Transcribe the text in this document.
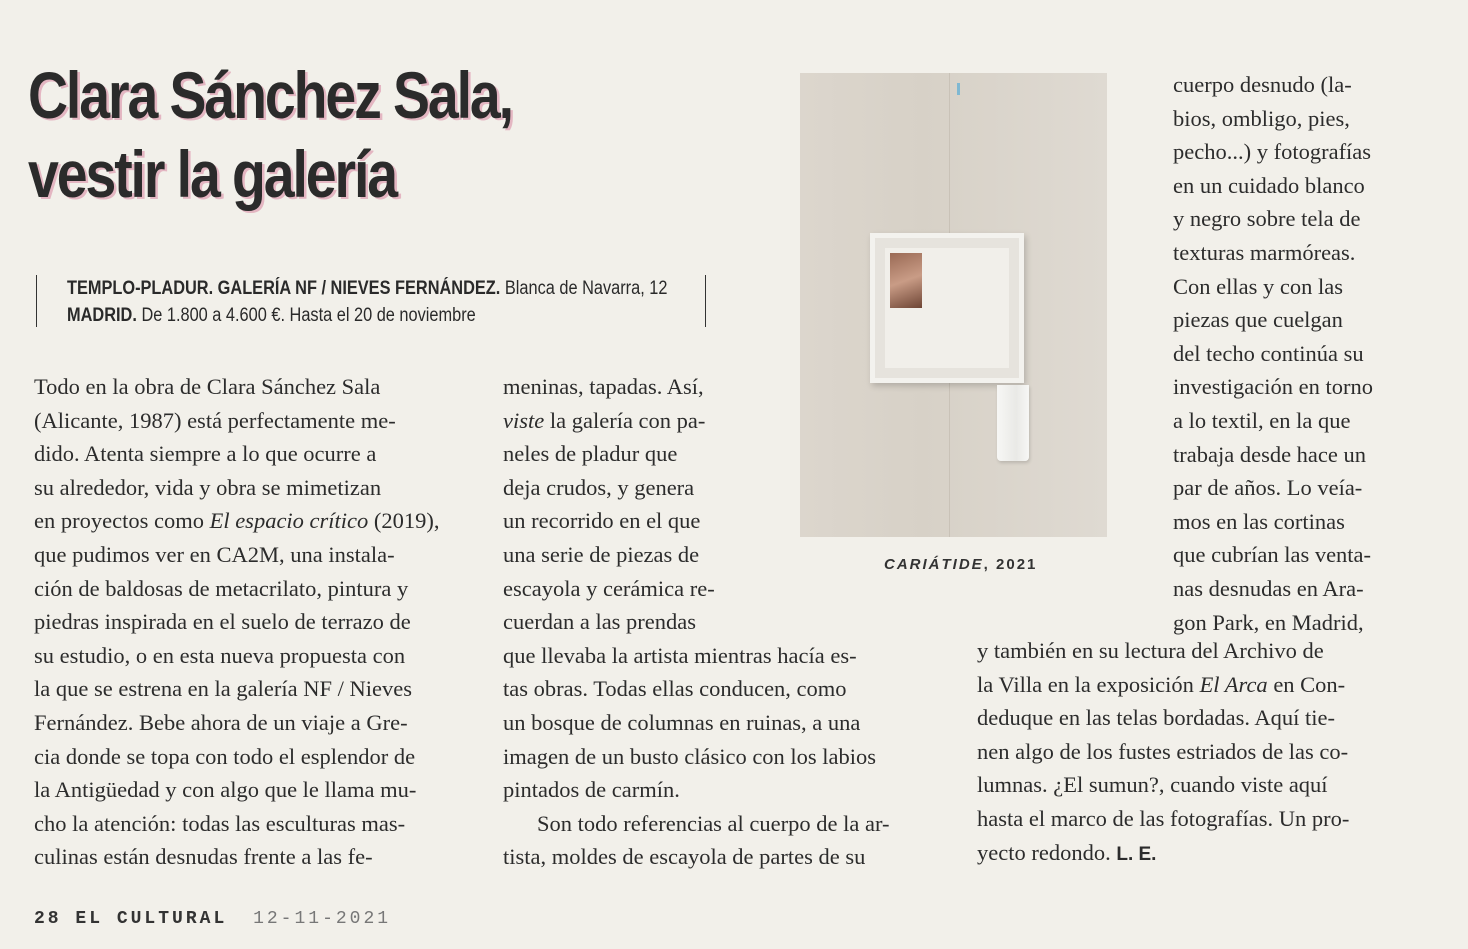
Clara Sánchez Sala,
vestir la galería
TEMPLO-PLADUR. GALERÍA NF / NIEVES FERNÁNDEZ. Blanca de Navarra, 12
MADRID. De 1.800 a 4.600 €. Hasta el 20 de noviembre
Todo en la obra de Clara Sánchez Sala
(Alicante, 1987) está perfectamente me-
dido. Atenta siempre a lo que ocurre a
su alrededor, vida y obra se mimetizan
en proyectos como El espacio crítico (2019),
que pudimos ver en CA2M, una instala-
ción de baldosas de metacrilato, pintura y
piedras inspirada en el suelo de terrazo de
su estudio, o en esta nueva propuesta con
la que se estrena en la galería NF / Nieves
Fernández. Bebe ahora de un viaje a Gre-
cia donde se topa con todo el esplendor de
la Antigüedad y con algo que le llama mu-
cho la atención: todas las esculturas mas-
culinas están desnudas frente a las fe-
meninas, tapadas. Así,
viste la galería con pa-
neles de pladur que
deja crudos, y genera
un recorrido en el que
una serie de piezas de
escayola y cerámica re-
cuerdan a las prendas
que llevaba la artista mientras hacía es-
tas obras. Todas ellas conducen, como
un bosque de columnas en ruinas, a una
imagen de un busto clásico con los labios
pintados de carmín.
Son todo referencias al cuerpo de la ar-
tista, moldes de escayola de partes de su
CARIÁTIDE, 2021
cuerpo desnudo (la-
bios, ombligo, pies,
pecho...) y fotografías
en un cuidado blanco
y negro sobre tela de
texturas marmóreas.
Con ellas y con las
piezas que cuelgan
del techo continúa su
investigación en torno
a lo textil, en la que
trabaja desde hace un
par de años. Lo veía-
mos en las cortinas
que cubrían las venta-
nas desnudas en Ara-
gon Park, en Madrid,
y también en su lectura del Archivo de
la Villa en la exposición El Arca en Con-
deduque en las telas bordadas. Aquí tie-
nen algo de los fustes estriados de las co-
lumnas. ¿El sumun?, cuando viste aquí
hasta el marco de las fotografías. Un pro-
yecto redondo. L. E.
28 EL CULTURAL 12-11-2021
